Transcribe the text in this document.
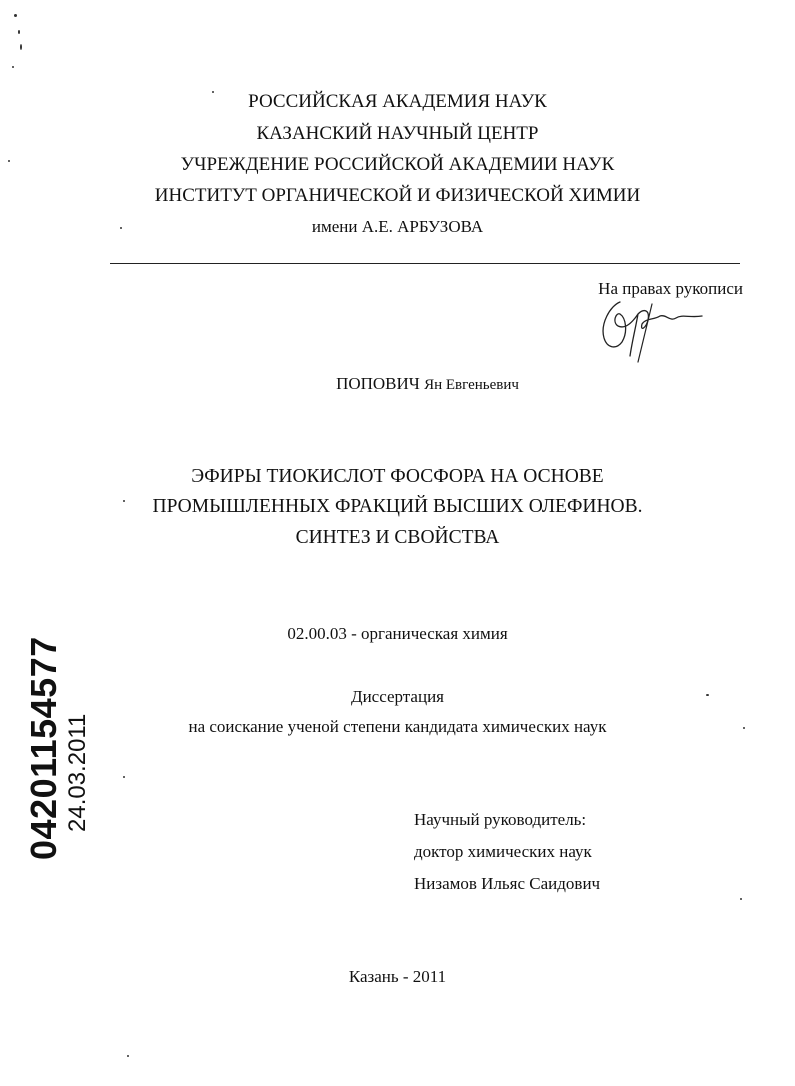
РОССИЙСКАЯ АКАДЕМИЯ НАУК
КАЗАНСКИЙ НАУЧНЫЙ ЦЕНТР
УЧРЕЖДЕНИЕ РОССИЙСКОЙ АКАДЕМИИ НАУК
ИНСТИТУТ ОРГАНИЧЕСКОЙ И ФИЗИЧЕСКОЙ ХИМИИ
имени А.Е. АРБУЗОВА
На правах рукописи
ПОПОВИЧ Ян Евгеньевич
ЭФИРЫ ТИОКИСЛОТ ФОСФОРА НА ОСНОВЕ
ПРОМЫШЛЕННЫХ ФРАКЦИЙ ВЫСШИХ ОЛЕФИНОВ.
СИНТЕЗ И СВОЙСТВА
02.00.03 - органическая химия
Диссертация
на соискание ученой степени кандидата химических наук
Научный руководитель:
доктор химических наук
Низамов Ильяс Саидович
Казань - 2011
04201154577 24.03.2011
